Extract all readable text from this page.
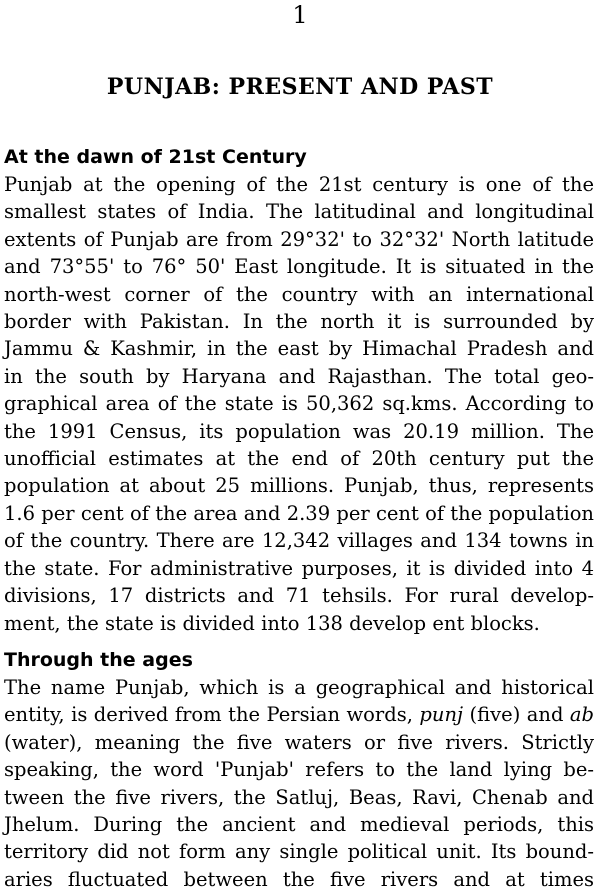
1
PUNJAB: PRESENT AND PAST
At the dawn of 21st Century
Punjab at the opening of the 21st century is one of the
smallest states of India. The latitudinal and longitudinal
extents of Punjab are from 29°32' to 32°32' North latitude
and 73°55' to 76° 50' East longitude. It is situated in the
north-west corner of the country with an international
border with Pakistan. In the north it is surrounded by
Jammu & Kashmir, in the east by Himachal Pradesh and
in the south by Haryana and Rajasthan. The total geo-
graphical area of the state is 50,362 sq.kms. According to
the 1991 Census, its population was 20.19 million. The
unofficial estimates at the end of 20th century put the
population at about 25 millions. Punjab, thus, represents
1.6 per cent of the area and 2.39 per cent of the population
of the country. There are 12,342 villages and 134 towns in
the state. For administrative purposes, it is divided into 4
divisions, 17 districts and 71 tehsils. For rural develop-
ment, the state is divided into 138 develop ent blocks.
Through the ages
The name Punjab, which is a geographical and historical
entity, is derived from the Persian words, punj (five) and ab
(water), meaning the five waters or five rivers. Strictly
speaking, the word 'Punjab' refers to the land lying be-
tween the five rivers, the Satluj, Beas, Ravi, Chenab and
Jhelum. During the ancient and medieval periods, this
territory did not form any single political unit. Its bound-
aries fluctuated between the five rivers and at times
